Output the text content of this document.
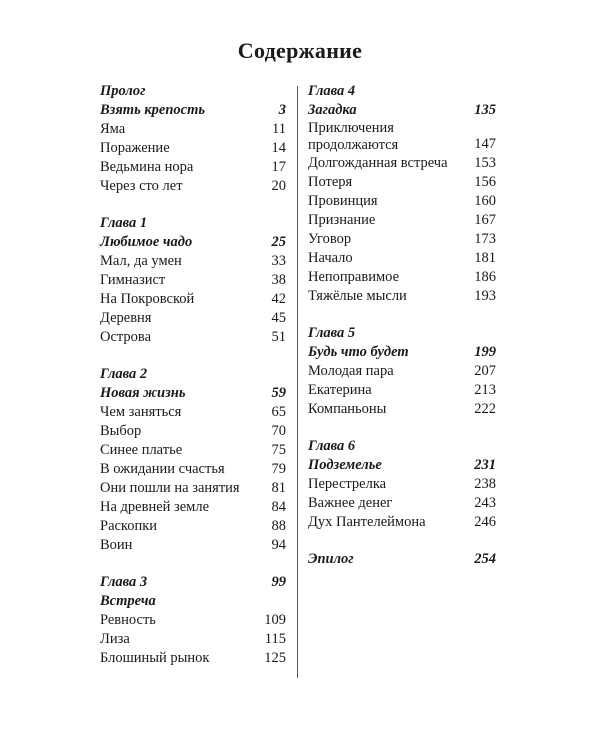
Содержание
Пролог
Взять крепость	3
Яма	11
Поражение	14
Ведьмина нора	17
Через сто лет	20
Глава 1
Любимое чадо	25
Мал, да умен	33
Гимназист	38
На Покровской	42
Деревня	45
Острова	51
Глава 2
Новая жизнь	59
Чем заняться	65
Выбор	70
Синее платье	75
В ожидании счастья	79
Они пошли на занятия	81
На древней земле	84
Раскопки	88
Воин	94
Глава 3	99
Встреча
Ревность	109
Лиза	115
Блошиный рынок	125
Глава 4
Загадка	135
Приключения продолжаются	147
Долгожданная встреча	153
Потеря	156
Провинция	160
Признание	167
Уговор	173
Начало	181
Непоправимое	186
Тяжёлые мысли	193
Глава 5
Будь что будет	199
Молодая пара	207
Екатерина	213
Компаньоны	222
Глава 6
Подземелье	231
Перестрелка	238
Важнее денег	243
Дух Пантелеймона	246
Эпилог	254
